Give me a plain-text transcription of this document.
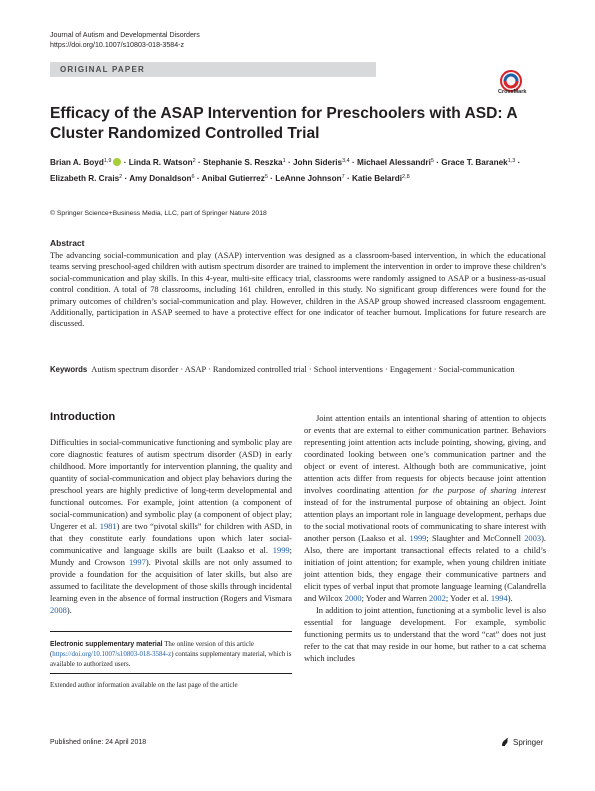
Journal of Autism and Developmental Disorders
https://doi.org/10.1007/s10803-018-3584-z
ORIGINAL PAPER
CrossMark
Efficacy of the ASAP Intervention for Preschoolers with ASD: A Cluster Randomized Controlled Trial
Brian A. Boyd$^{1,9}$ · Linda R. Watson$^2$ · Stephanie S. Reszka$^1$ · John Sideris$^{3,4}$ · Michael Alessandri$^5$ · Grace T. Baranek$^{1,3}$ · Elizabeth R. Crais$^2$ · Amy Donaldson$^6$ · Anibal Gutierrez$^5$ · LeAnne Johnson$^7$ · Katie Belardi$^{2,8}$
© Springer Science+Business Media, LLC, part of Springer Nature 2018
Abstract

The advancing social-communication and play (ASAP) intervention was designed as a classroom-based intervention, in which the educational teams serving preschool-aged children with autism spectrum disorder are trained to implement the intervention in order to improve these children’s social-communication and play skills. In this 4-year, multi-site efficacy trial, classrooms were randomly assigned to ASAP or a business-as-usual control condition. A total of 78 classrooms, including 161 children, enrolled in this study. No significant group differences were found for the primary outcomes of children’s social-communication and play. However, children in the ASAP group showed increased classroom engagement. Additionally, participation in ASAP seemed to have a protective effect for one indicator of teacher burnout. Implications for future research are discussed.

Keywords Autism spectrum disorder · ASAP · Randomized controlled trial · School interventions · Engagement · Social-communication

Introduction

Difficulties in social-communicative functioning and symbolic play are core diagnostic features of autism spectrum disorder (ASD) in early childhood. More importantly for intervention planning, the quality and quantity of social-communication and object play behaviors during the preschool years are highly predictive of long-term developmental and functional outcomes. For example, joint attention (a component of social-communication) and symbolic play (a component of object play; Ungerer et al. 1981) are two “pivotal skills” for children with ASD, in that they constitute early foundations upon which later social-communicative and language skills are built (Laakso et al. 1999; Mundy and Crowson 1997). Pivotal skills are not only assumed to provide a foundation for the acquisition of later skills, but also are assumed to facilitate the development of those skills through incidental learning even in the absence of formal instruction (Rogers and Vismara 2008).

Joint attention entails an intentional sharing of attention to objects or events that are external to either communication partner. Behaviors representing joint attention acts include pointing, showing, giving, and coordinated looking between one’s communication partner and the object or event of interest. Although both are communicative, joint attention acts differ from requests for objects because joint attention involves coordinating attention for the purpose of sharing interest instead of for the instrumental purpose of obtaining an object. Joint attention plays an important role in language development, perhaps due to the social motivational roots of communicating to share interest with another person (Laakso et al. 1999; Slaughter and McConnell 2003). Also, there are important transactional effects related to a child’s initiation of joint attention; for example, when young children initiate joint attention bids, they engage their communicative partners and elicit types of verbal input that promote language learning (Calandrella and Wilcox 2000; Yoder and Warren 2002; Yoder et al. 1994).

In addition to joint attention, functioning at a symbolic level is also essential for language development. For example, symbolic functioning permits us to understand that the word “cat” does not just refer to the cat that may reside in our home, but rather to a cat schema which includes

Electronic supplementary material The online version of this article (https://doi.org/10.1007/s10803-018-3584-z) contains supplementary material, which is available to authorized users.

Extended author information available on the last page of the article
Published online: 24 April 2018	Springer
